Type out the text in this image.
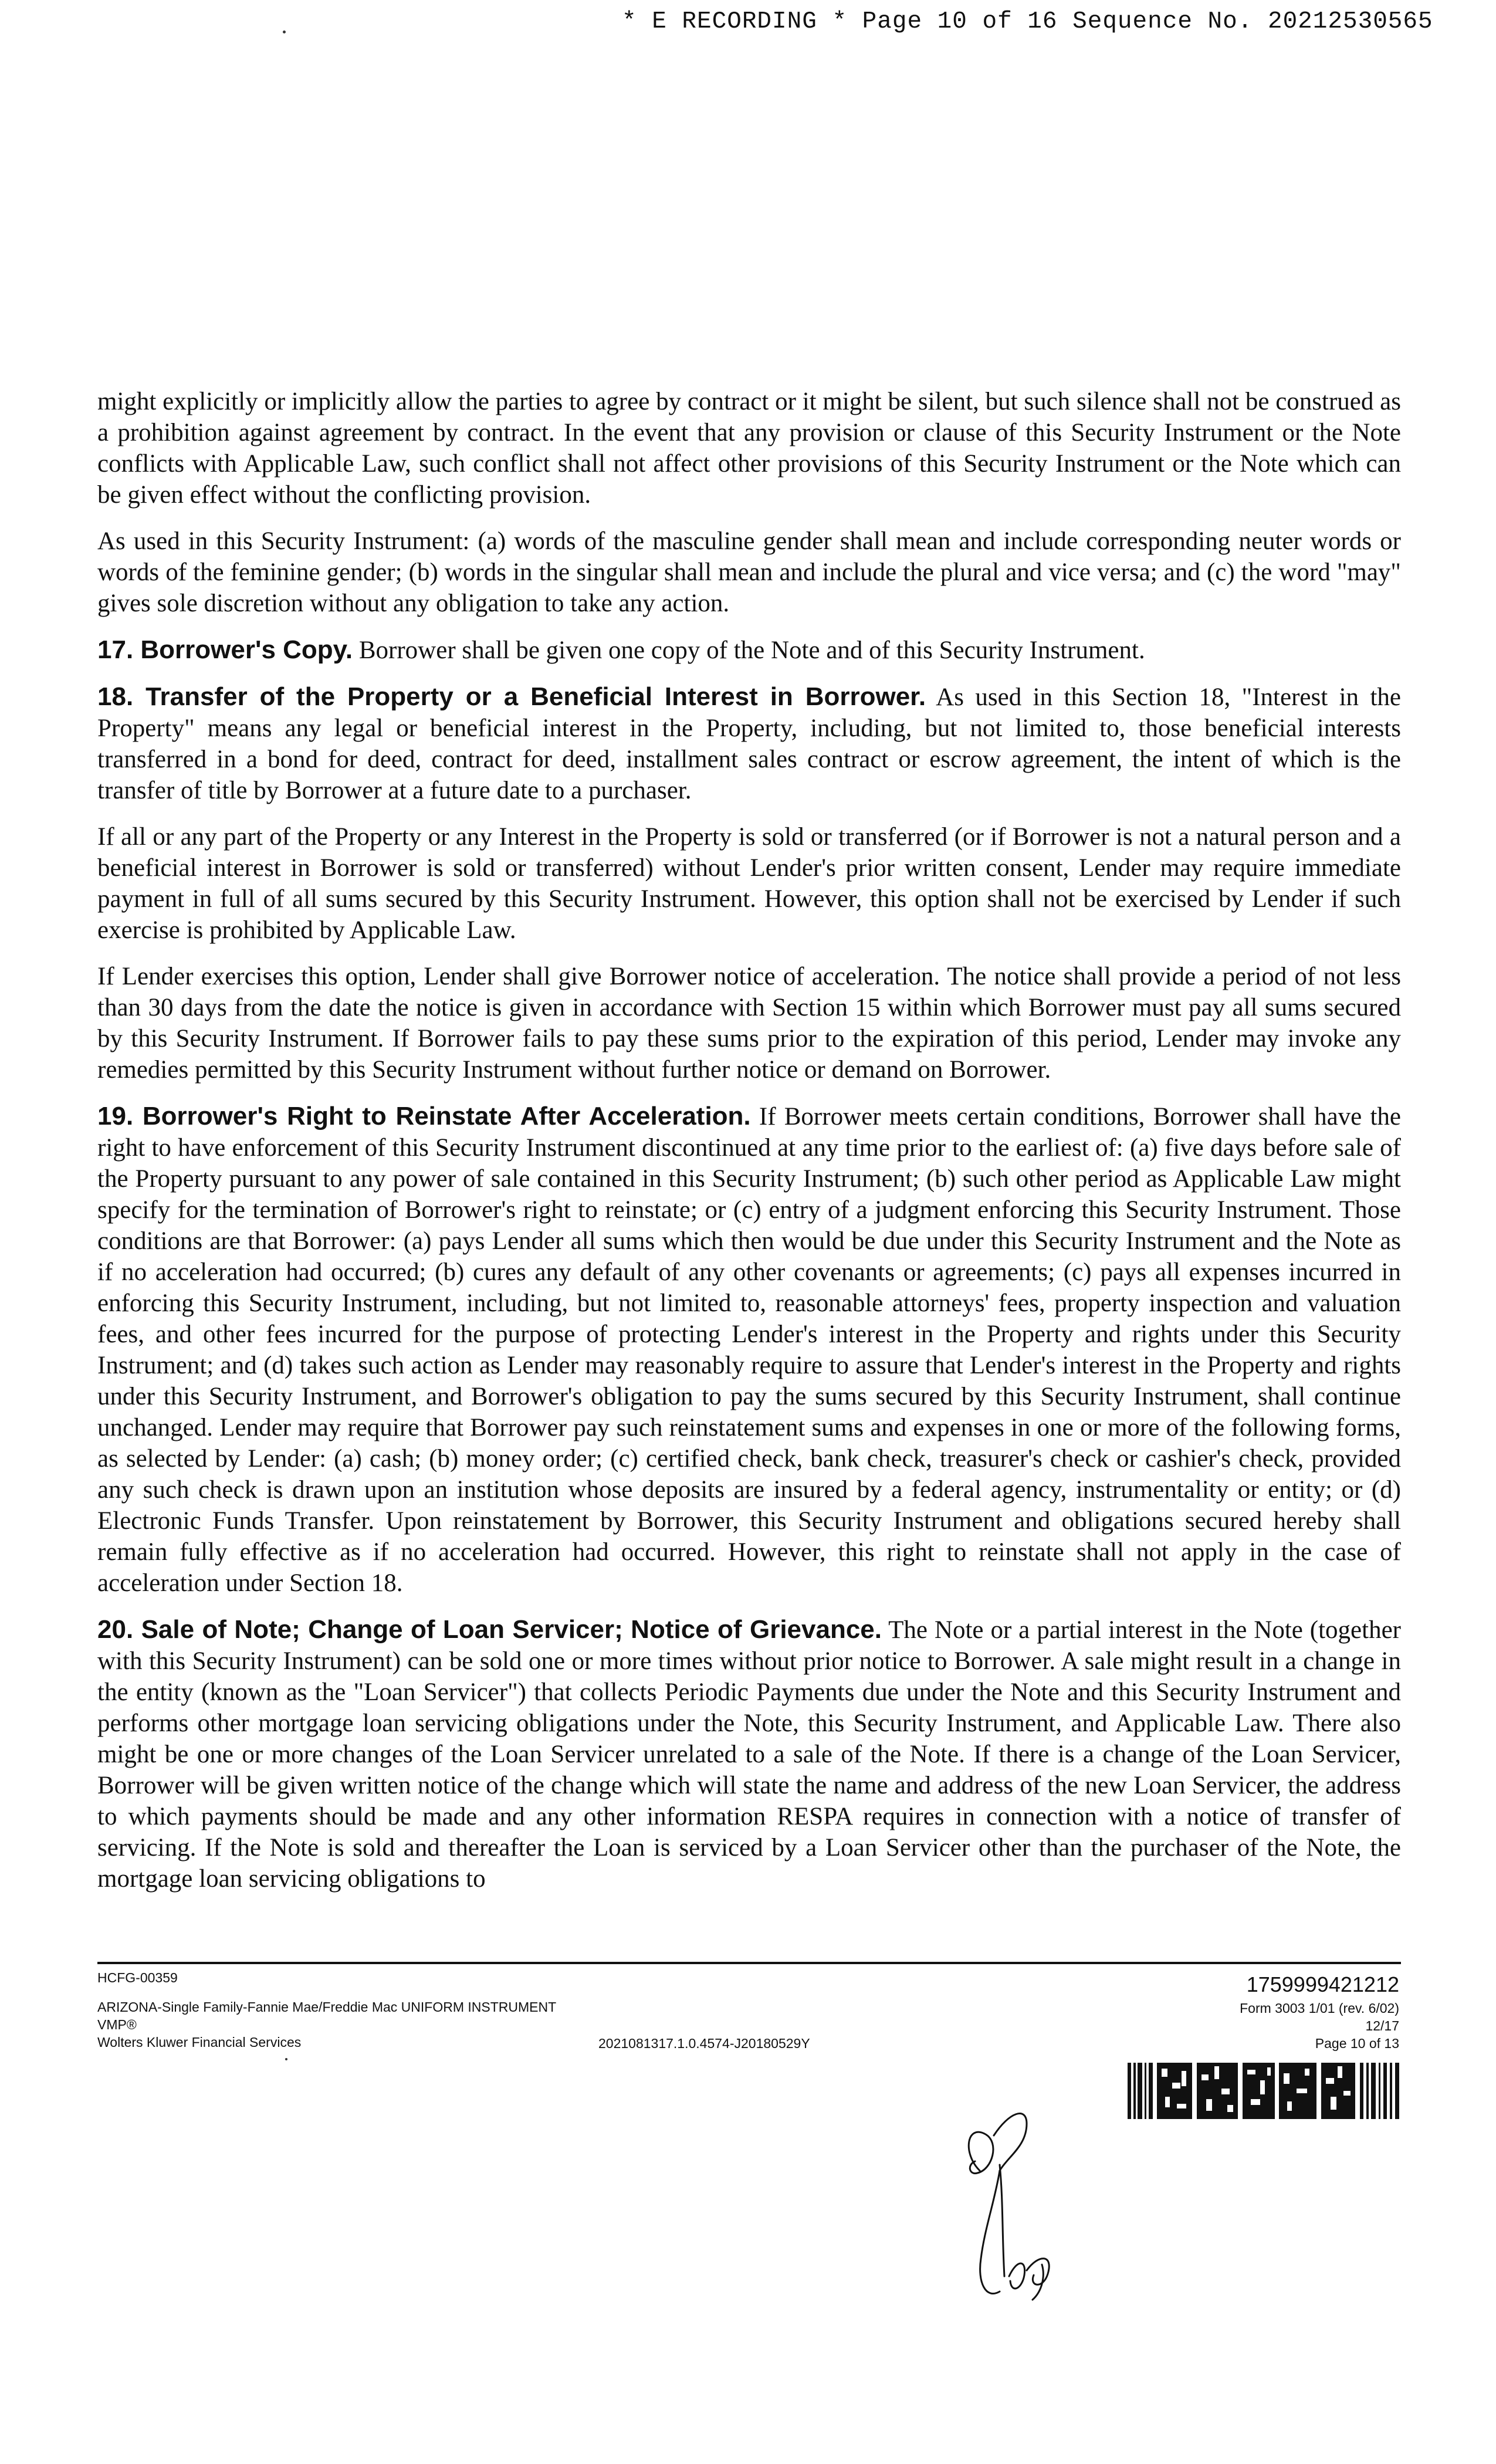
* E RECORDING * Page 10 of 16 Sequence No. 20212530565

might explicitly or implicitly allow the parties to agree by contract or it might be silent, but such silence shall not be construed as a prohibition against agreement by contract. In the event that any provision or clause of this Security Instrument or the Note conflicts with Applicable Law, such conflict shall not affect other provisions of this Security Instrument or the Note which can be given effect without the conflicting provision.

As used in this Security Instrument: (a) words of the masculine gender shall mean and include corresponding neuter words or words of the feminine gender; (b) words in the singular shall mean and include the plural and vice versa; and (c) the word "may" gives sole discretion without any obligation to take any action.

17. Borrower's Copy. Borrower shall be given one copy of the Note and of this Security Instrument.

18. Transfer of the Property or a Beneficial Interest in Borrower. As used in this Section 18, "Interest in the Property" means any legal or beneficial interest in the Property, including, but not limited to, those beneficial interests transferred in a bond for deed, contract for deed, installment sales contract or escrow agreement, the intent of which is the transfer of title by Borrower at a future date to a purchaser.

If all or any part of the Property or any Interest in the Property is sold or transferred (or if Borrower is not a natural person and a beneficial interest in Borrower is sold or transferred) without Lender's prior written consent, Lender may require immediate payment in full of all sums secured by this Security Instrument. However, this option shall not be exercised by Lender if such exercise is prohibited by Applicable Law.

If Lender exercises this option, Lender shall give Borrower notice of acceleration. The notice shall provide a period of not less than 30 days from the date the notice is given in accordance with Section 15 within which Borrower must pay all sums secured by this Security Instrument. If Borrower fails to pay these sums prior to the expiration of this period, Lender may invoke any remedies permitted by this Security Instrument without further notice or demand on Borrower.

19. Borrower's Right to Reinstate After Acceleration. If Borrower meets certain conditions, Borrower shall have the right to have enforcement of this Security Instrument discontinued at any time prior to the earliest of: (a) five days before sale of the Property pursuant to any power of sale contained in this Security Instrument; (b) such other period as Applicable Law might specify for the termination of Borrower's right to reinstate; or (c) entry of a judgment enforcing this Security Instrument. Those conditions are that Borrower: (a) pays Lender all sums which then would be due under this Security Instrument and the Note as if no acceleration had occurred; (b) cures any default of any other covenants or agreements; (c) pays all expenses incurred in enforcing this Security Instrument, including, but not limited to, reasonable attorneys' fees, property inspection and valuation fees, and other fees incurred for the purpose of protecting Lender's interest in the Property and rights under this Security Instrument; and (d) takes such action as Lender may reasonably require to assure that Lender's interest in the Property and rights under this Security Instrument, and Borrower's obligation to pay the sums secured by this Security Instrument, shall continue unchanged. Lender may require that Borrower pay such reinstatement sums and expenses in one or more of the following forms, as selected by Lender: (a) cash; (b) money order; (c) certified check, bank check, treasurer's check or cashier's check, provided any such check is drawn upon an institution whose deposits are insured by a federal agency, instrumentality or entity; or (d) Electronic Funds Transfer. Upon reinstatement by Borrower, this Security Instrument and obligations secured hereby shall remain fully effective as if no acceleration had occurred. However, this right to reinstate shall not apply in the case of acceleration under Section 18.

20. Sale of Note; Change of Loan Servicer; Notice of Grievance. The Note or a partial interest in the Note (together with this Security Instrument) can be sold one or more times without prior notice to Borrower. A sale might result in a change in the entity (known as the "Loan Servicer") that collects Periodic Payments due under the Note and this Security Instrument and performs other mortgage loan servicing obligations under the Note, this Security Instrument, and Applicable Law. There also might be one or more changes of the Loan Servicer unrelated to a sale of the Note. If there is a change of the Loan Servicer, Borrower will be given written notice of the change which will state the name and address of the new Loan Servicer, the address to which payments should be made and any other information RESPA requires in connection with a notice of transfer of servicing. If the Note is sold and thereafter the Loan is serviced by a Loan Servicer other than the purchaser of the Note, the mortgage loan servicing obligations to

HCFG-00359
ARIZONA-Single Family-Fannie Mae/Freddie Mac UNIFORM INSTRUMENT
VMP®
Wolters Kluwer Financial Services	2021081317.1.0.4574-J20180529Y
1759999421212
Form 3003 1/01 (rev. 6/02)
12/17
Page 10 of 13
